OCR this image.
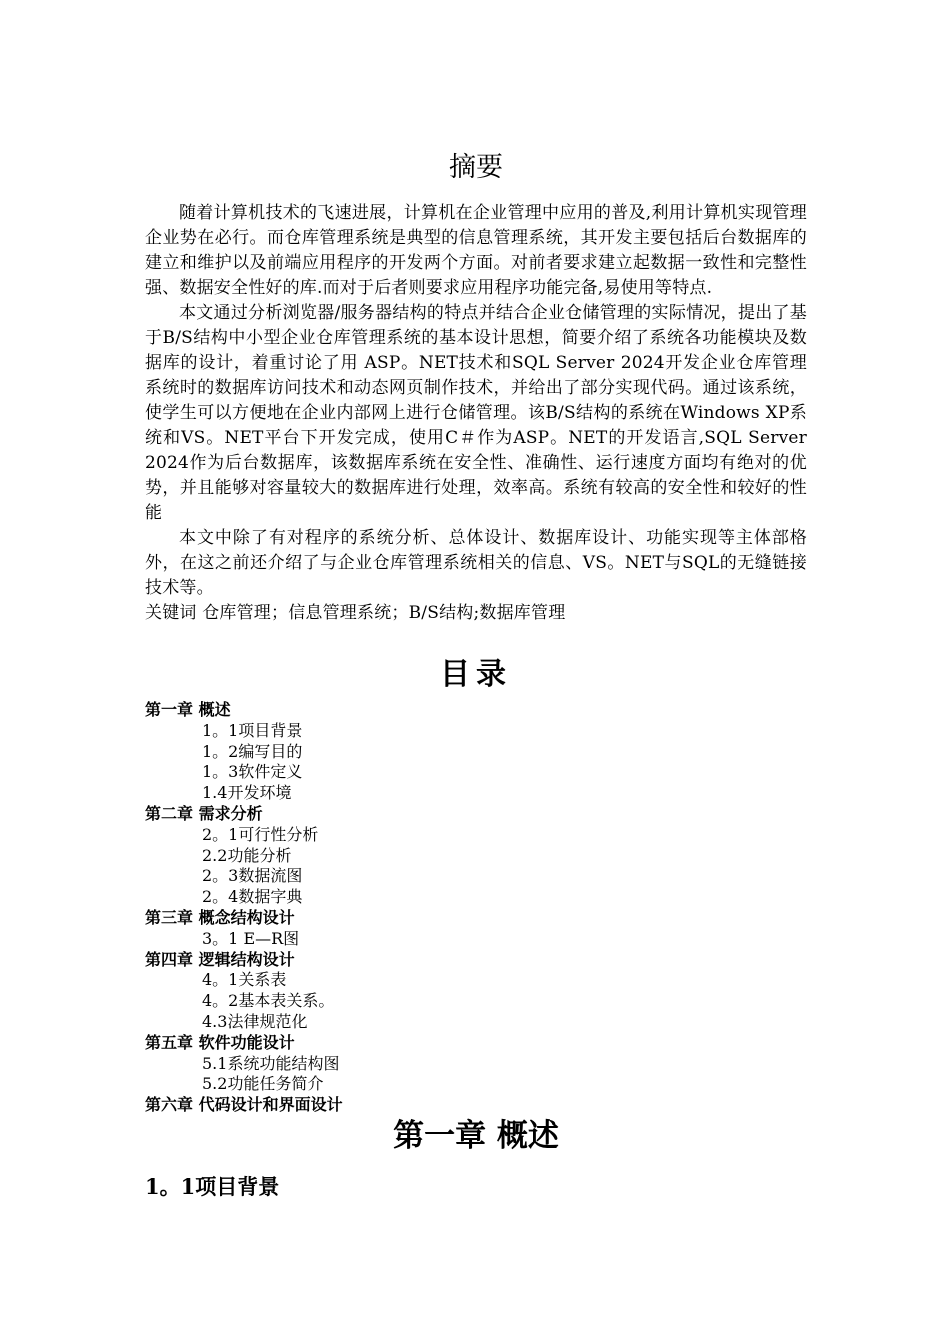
摘要

随着计算机技术的飞速进展，计算机在企业管理中应用的普及,利用计算机实现管理企业势在必行。而仓库管理系统是典型的信息管理系统，其开发主要包括后台数据库的建立和维护以及前端应用程序的开发两个方面。对前者要求建立起数据一致性和完整性强、数据安全性好的库.而对于后者则要求应用程序功能完备,易使用等特点.

本文通过分析浏览器/服务器结构的特点并结合企业仓储管理的实际情况，提出了基于B/S结构中小型企业仓库管理系统的基本设计思想，简要介绍了系统各功能模块及数据库的设计，着重讨论了用 ASP。NET技术和SQL Server 2024开发企业仓库管理系统时的数据库访问技术和动态网页制作技术，并给出了部分实现代码。通过该系统，使学生可以方便地在企业内部网上进行仓储管理。该B/S结构的系统在Windows XP系统和VS。NET平台下开发完成，使用C＃作为ASP。NET的开发语言,SQL Server 2024作为后台数据库，该数据库系统在安全性、准确性、运行速度方面均有绝对的优势，并且能够对容量较大的数据库进行处理，效率高。系统有较高的安全性和较好的性能

本文中除了有对程序的系统分析、总体设计、数据库设计、功能实现等主体部格外，在这之前还介绍了与企业仓库管理系统相关的信息、VS。NET与SQL的无缝链接技术等。

关键词 仓库管理；信息管理系统；B/S结构;数据库管理

目录
第一章 概述
1。1项目背景
1。2编写目的
1。3软件定义
1.4开发环境
第二章 需求分析
2。1可行性分析
2.2功能分析
2。3数据流图
2。4数据字典
第三章 概念结构设计
3。1 E—R图
第四章 逻辑结构设计
4。1关系表
4。2基本表关系。
4.3法律规范化
第五章 软件功能设计
5.1系统功能结构图
5.2功能任务简介
第六章 代码设计和界面设计
第一章 概述
1。1项目背景
